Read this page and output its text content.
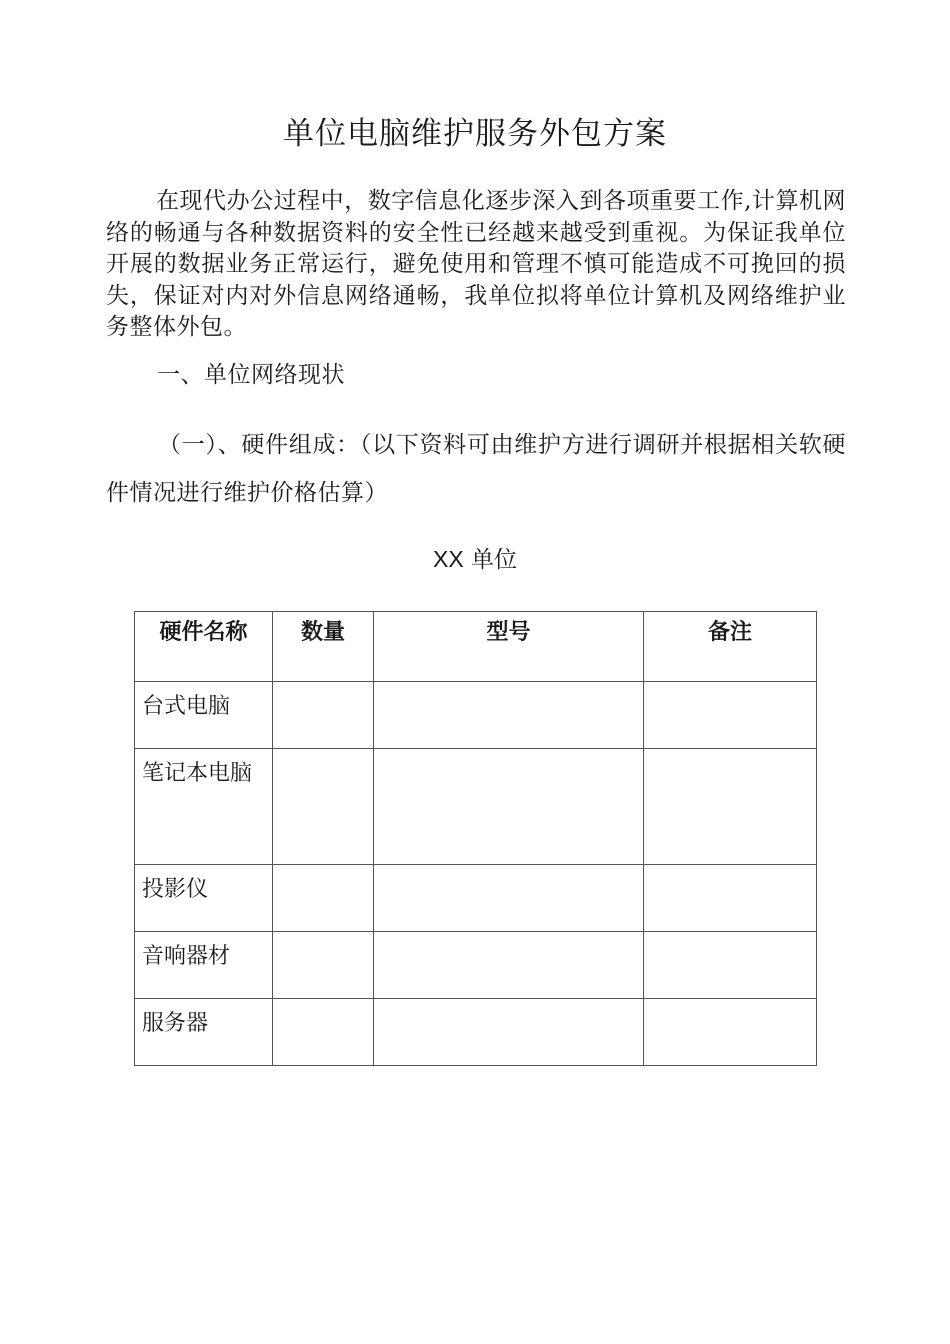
单位电脑维护服务外包方案
在现代办公过程中，数字信息化逐步深入到各项重要工作,计算机网络的畅通与各种数据资料的安全性已经越来越受到重视。为保证我单位开展的数据业务正常运行，避免使用和管理不慎可能造成不可挽回的损失，保证对内对外信息网络通畅，我单位拟将单位计算机及网络维护业务整体外包。
一、单位网络现状
（一）、硬件组成：（以下资料可由维护方进行调研并根据相关软硬件情况进行维护价格估算）
XX 单位
硬件名称	数量	型号	备注
台式电脑			
笔记本电脑			
投影仪			
音响器材			
服务器			
